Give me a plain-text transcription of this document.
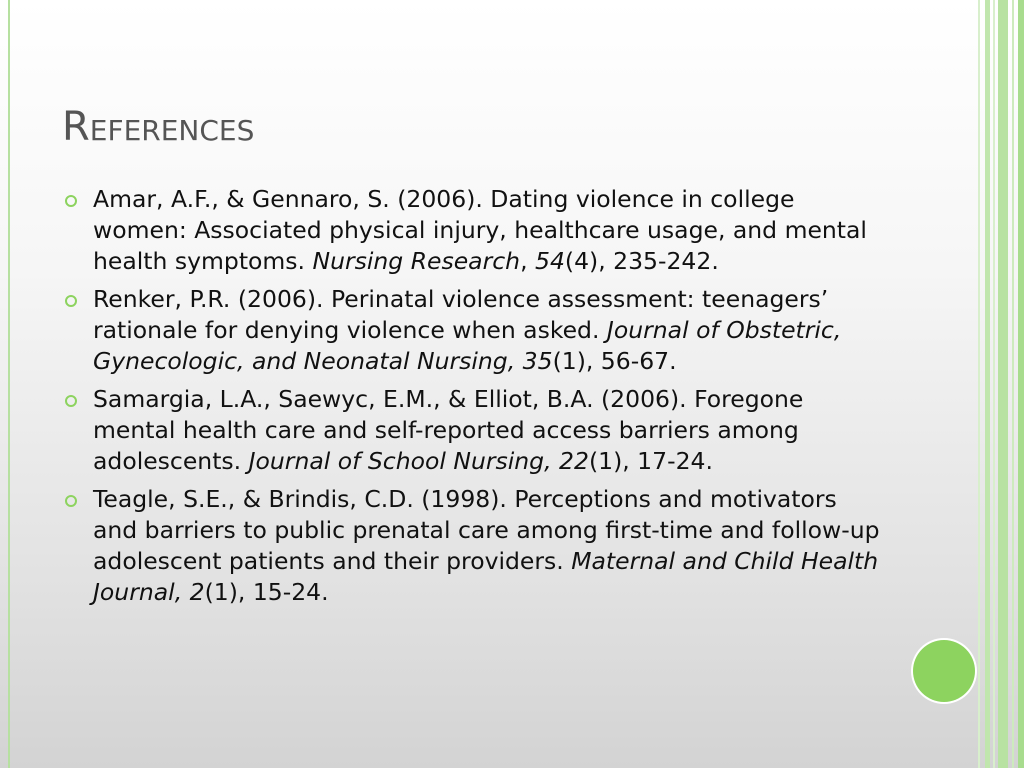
References
Amar, A.F., & Gennaro, S. (2006). Dating violence in college women: Associated physical injury, healthcare usage, and mental health symptoms. Nursing Research, 54(4), 235-242.
Renker, P.R. (2006). Perinatal violence assessment: teenagers’ rationale for denying violence when asked. Journal of Obstetric, Gynecologic, and Neonatal Nursing, 35(1), 56-67.
Samargia, L.A., Saewyc, E.M., & Elliot, B.A. (2006). Foregone mental health care and self-reported access barriers among adolescents. Journal of School Nursing, 22(1), 17-24.
Teagle, S.E., & Brindis, C.D. (1998). Perceptions and motivators and barriers to public prenatal care among first-time and follow-up adolescent patients and their providers. Maternal and Child Health Journal, 2(1), 15-24.
